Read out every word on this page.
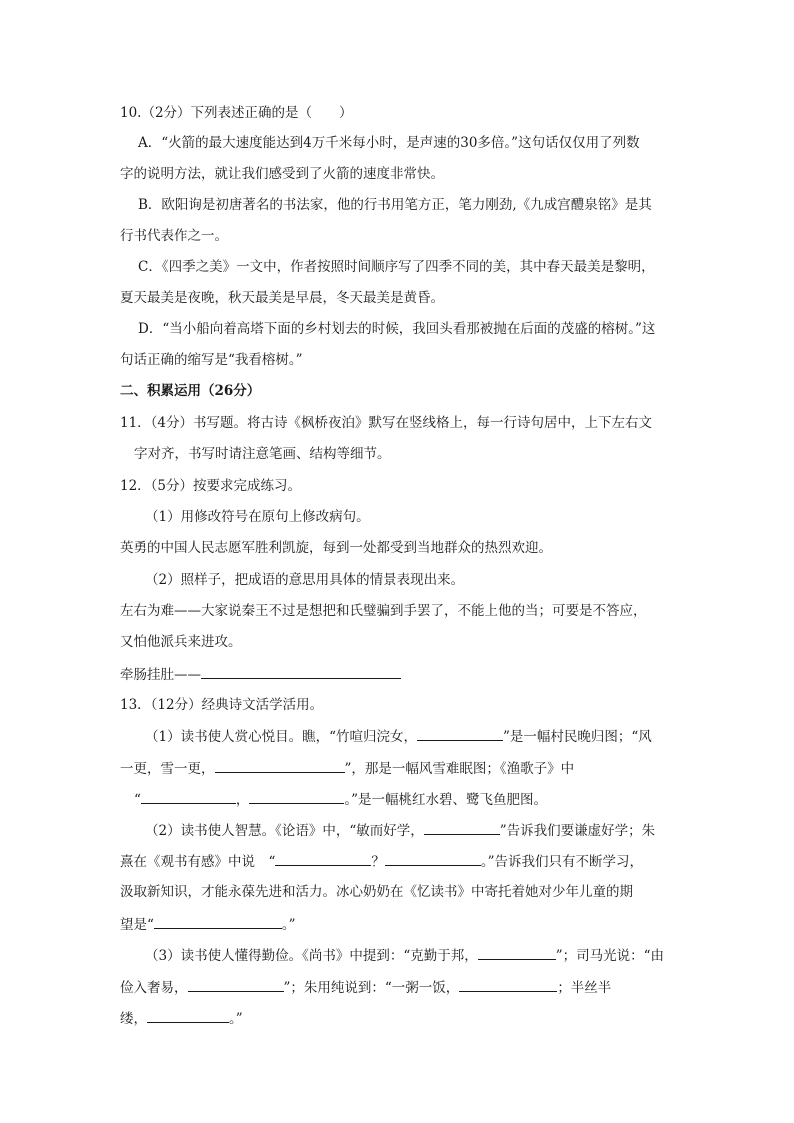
10.（2分）下列表述正确的是（　　）
A．“火箭的最大速度能达到4万千米每小时，是声速的30多倍。”这句话仅仅用了列数
字的说明方法，就让我们感受到了火箭的速度非常快。
B．欧阳询是初唐著名的书法家，他的行书用笔方正，笔力刚劲,《九成宫醴泉铭》是其
行书代表作之一。
C．《四季之美》一文中，作者按照时间顺序写了四季不同的美，其中春天最美是黎明，
夏天最美是夜晚，秋天最美是早晨，冬天最美是黄昏。
D．“当小船向着高塔下面的乡村划去的时候，我回头看那被抛在后面的茂盛的榕树。”这
句话正确的缩写是“我看榕树。”
二、积累运用（26分）
11．（4分）书写题。将古诗《枫桥夜泊》默写在竖线格上，每一行诗句居中，上下左右文
字对齐，书写时请注意笔画、结构等细节。
12．（5分）按要求完成练习。
（1）用修改符号在原句上修改病句。
英勇的中国人民志愿军胜利凯旋，每到一处都受到当地群众的热烈欢迎。
（2）照样子，把成语的意思用具体的情景表现出来。
左右为难——大家说秦王不过是想把和氏璧骗到手罢了，不能上他的当；可要是不答应，
又怕他派兵来进攻。
牵肠挂肚——
13．（12分）经典诗文活学活用。
（1）读书使人赏心悦目。瞧，“竹喧归浣女，	”是一幅村民晚归图；“风
一更，雪一更，	”，那是一幅风雪难眠图；《渔歌子》中
“	，	。”是一幅桃红水碧、鹭飞鱼肥图。
（2）读书使人智慧。《论语》中，“敏而好学，	”告诉我们要谦虚好学；朱
熹在《观书有感》中说　“	？	。”告诉我们只有不断学习，
汲取新知识，才能永葆先进和活力。冰心奶奶在《忆读书》中寄托着她对少年儿童的期
望是“	。”
（3）读书使人懂得勤俭。《尚书》中提到：“克勤于邦，	”；司马光说：“由
俭入奢易，	”；朱用纯说到：“一粥一饭，	；半丝半
缕，	。”
